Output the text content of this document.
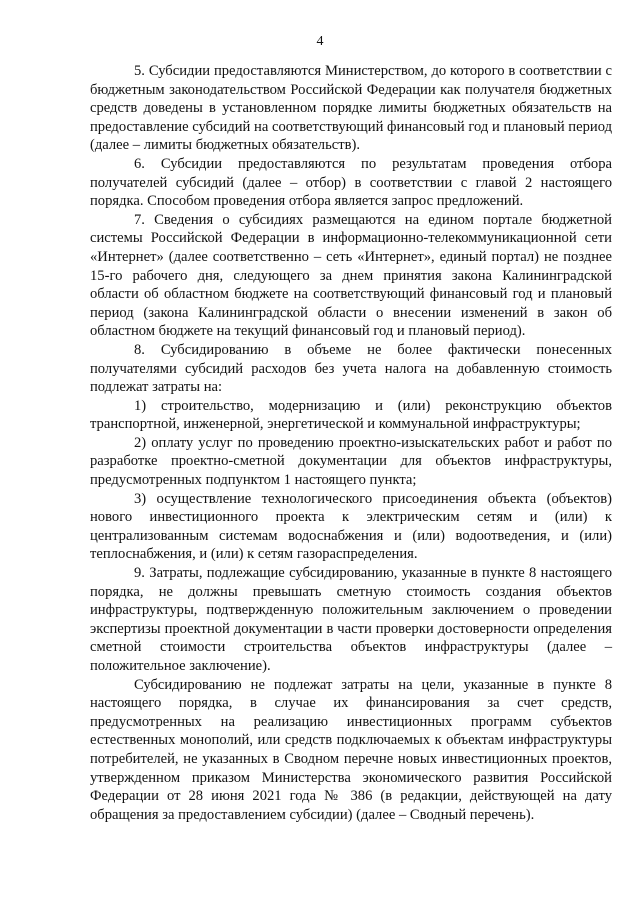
4

5. Субсидии предоставляются Министерством, до которого в соответствии с бюджетным законодательством Российской Федерации как получателя бюджетных средств доведены в установленном порядке лимиты бюджетных обязательств на предоставление субсидий на соответствующий финансовый год и плановый период (далее – лимиты бюджетных обязательств).

6. Субсидии предоставляются по результатам проведения отбора получателей субсидий (далее – отбор) в соответствии с главой 2 настоящего порядка. Способом проведения отбора является запрос предложений.

7. Сведения о субсидиях размещаются на едином портале бюджетной системы Российской Федерации в информационно-телекоммуникационной сети «Интернет» (далее соответственно – сеть «Интернет», единый портал) не позднее 15-го рабочего дня, следующего за днем принятия закона Калининградской области об областном бюджете на соответствующий финансовый год и плановый период (закона Калининградской области о внесении изменений в закон об областном бюджете на текущий финансовый год и плановый период).

8. Субсидированию в объеме не более фактически понесенных получателями субсидий расходов без учета налога на добавленную стоимость подлежат затраты на:

1) строительство, модернизацию и (или) реконструкцию объектов транспортной, инженерной, энергетической и коммунальной инфраструктуры;

2) оплату услуг по проведению проектно-изыскательских работ и работ по разработке проектно-сметной документации для объектов инфраструктуры, предусмотренных подпунктом 1 настоящего пункта;

3) осуществление технологического присоединения объекта (объектов) нового инвестиционного проекта к электрическим сетям и (или) к централизованным системам водоснабжения и (или) водоотведения, и (или) теплоснабжения, и (или) к сетям газораспределения.

9. Затраты, подлежащие субсидированию, указанные в пункте 8 настоящего порядка, не должны превышать сметную стоимость создания объектов инфраструктуры, подтвержденную положительным заключением о проведении экспертизы проектной документации в части проверки достоверности определения сметной стоимости строительства объектов инфраструктуры (далее – положительное заключение).

Субсидированию не подлежат затраты на цели, указанные в пункте 8 настоящего порядка, в случае их финансирования за счет средств, предусмотренных на реализацию инвестиционных программ субъектов естественных монополий, или средств подключаемых к объектам инфраструктуры потребителей, не указанных в Сводном перечне новых инвестиционных проектов, утвержденном приказом Министерства экономического развития Российской Федерации от 28 июня 2021 года № 386 (в редакции, действующей на дату обращения за предоставлением субсидии) (далее – Сводный перечень).
